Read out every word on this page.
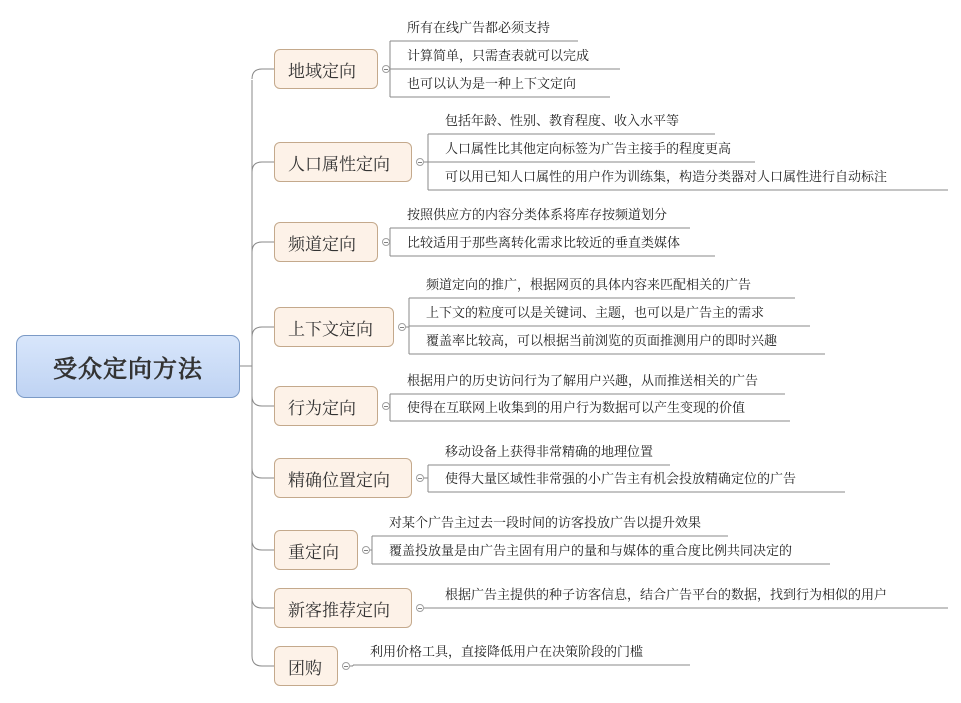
受众定向方法
地域定向
所有在线广告都必须支持
计算简单，只需查表就可以完成
也可以认为是一种上下文定向
人口属性定向
包括年龄、性别、教育程度、收入水平等
人口属性比其他定向标签为广告主接手的程度更高
可以用已知人口属性的用户作为训练集，构造分类器对人口属性进行自动标注
频道定向
按照供应方的内容分类体系将库存按频道划分
比较适用于那些离转化需求比较近的垂直类媒体
上下文定向
频道定向的推广，根据网页的具体内容来匹配相关的广告
上下文的粒度可以是关键词、主题，也可以是广告主的需求
覆盖率比较高，可以根据当前浏览的页面推测用户的即时兴趣
行为定向
根据用户的历史访问行为了解用户兴趣，从而推送相关的广告
使得在互联网上收集到的用户行为数据可以产生变现的价值
精确位置定向
移动设备上获得非常精确的地理位置
使得大量区域性非常强的小广告主有机会投放精确定位的广告
重定向
对某个广告主过去一段时间的访客投放广告以提升效果
覆盖投放量是由广告主固有用户的量和与媒体的重合度比例共同决定的
新客推荐定向
根据广告主提供的种子访客信息，结合广告平台的数据，找到行为相似的用户
团购
利用价格工具，直接降低用户在决策阶段的门槛
